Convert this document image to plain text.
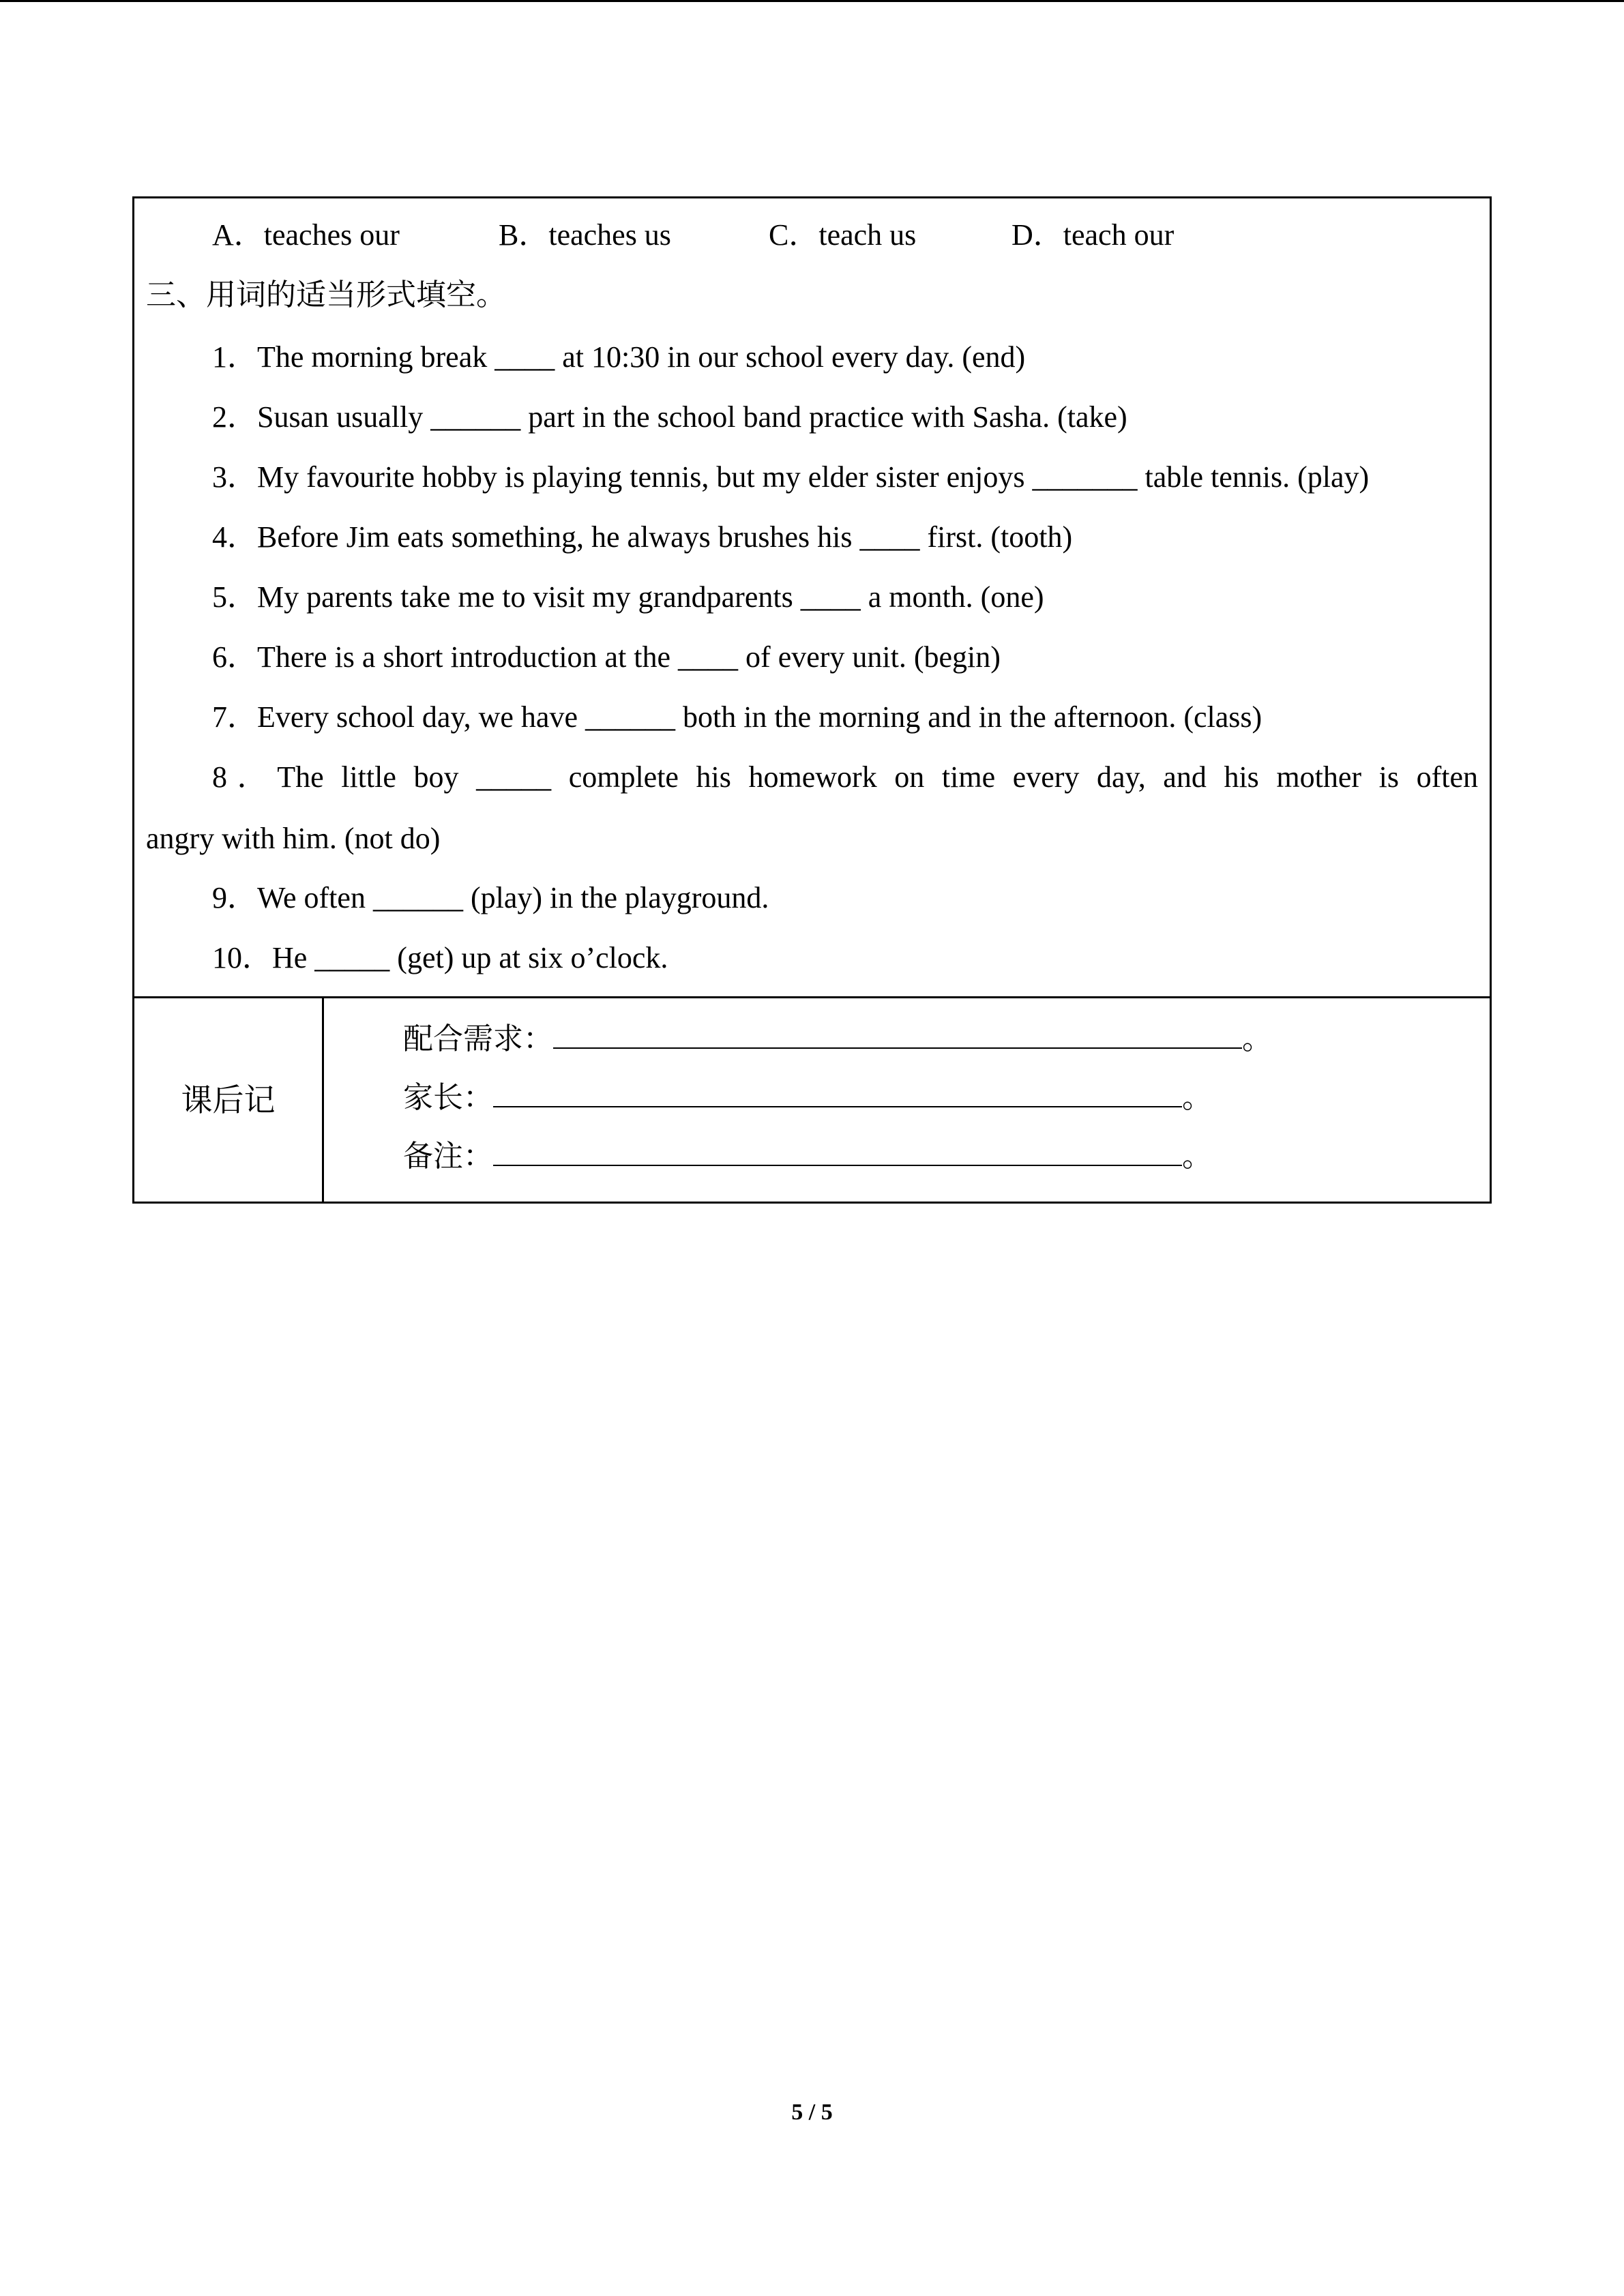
A．teaches our	B．teaches us	C．teach us	D．teach our
三、用词的适当形式填空。
1．The morning break ____ at 10:30 in our school every day. (end)
2．Susan usually ______ part in the school band practice with Sasha. (take)
3．My favourite hobby is playing tennis, but my elder sister enjoys _______ table tennis. (play)
4．Before Jim eats something, he always brushes his ____ first. (tooth)
5．My parents take me to visit my grandparents ____ a month. (one)
6．There is a short introduction at the ____ of every unit. (begin)
7．Every school day, we have ______ both in the morning and in the afternoon. (class)
8．The little boy _____ complete his homework on time every day, and his mother is often
angry with him. (not do)
9．We often ______ (play) in the playground.
10．He _____ (get) up at six o’clock.
课后记
配合需求：	。
家长：	。
备注：	。
5 / 5
